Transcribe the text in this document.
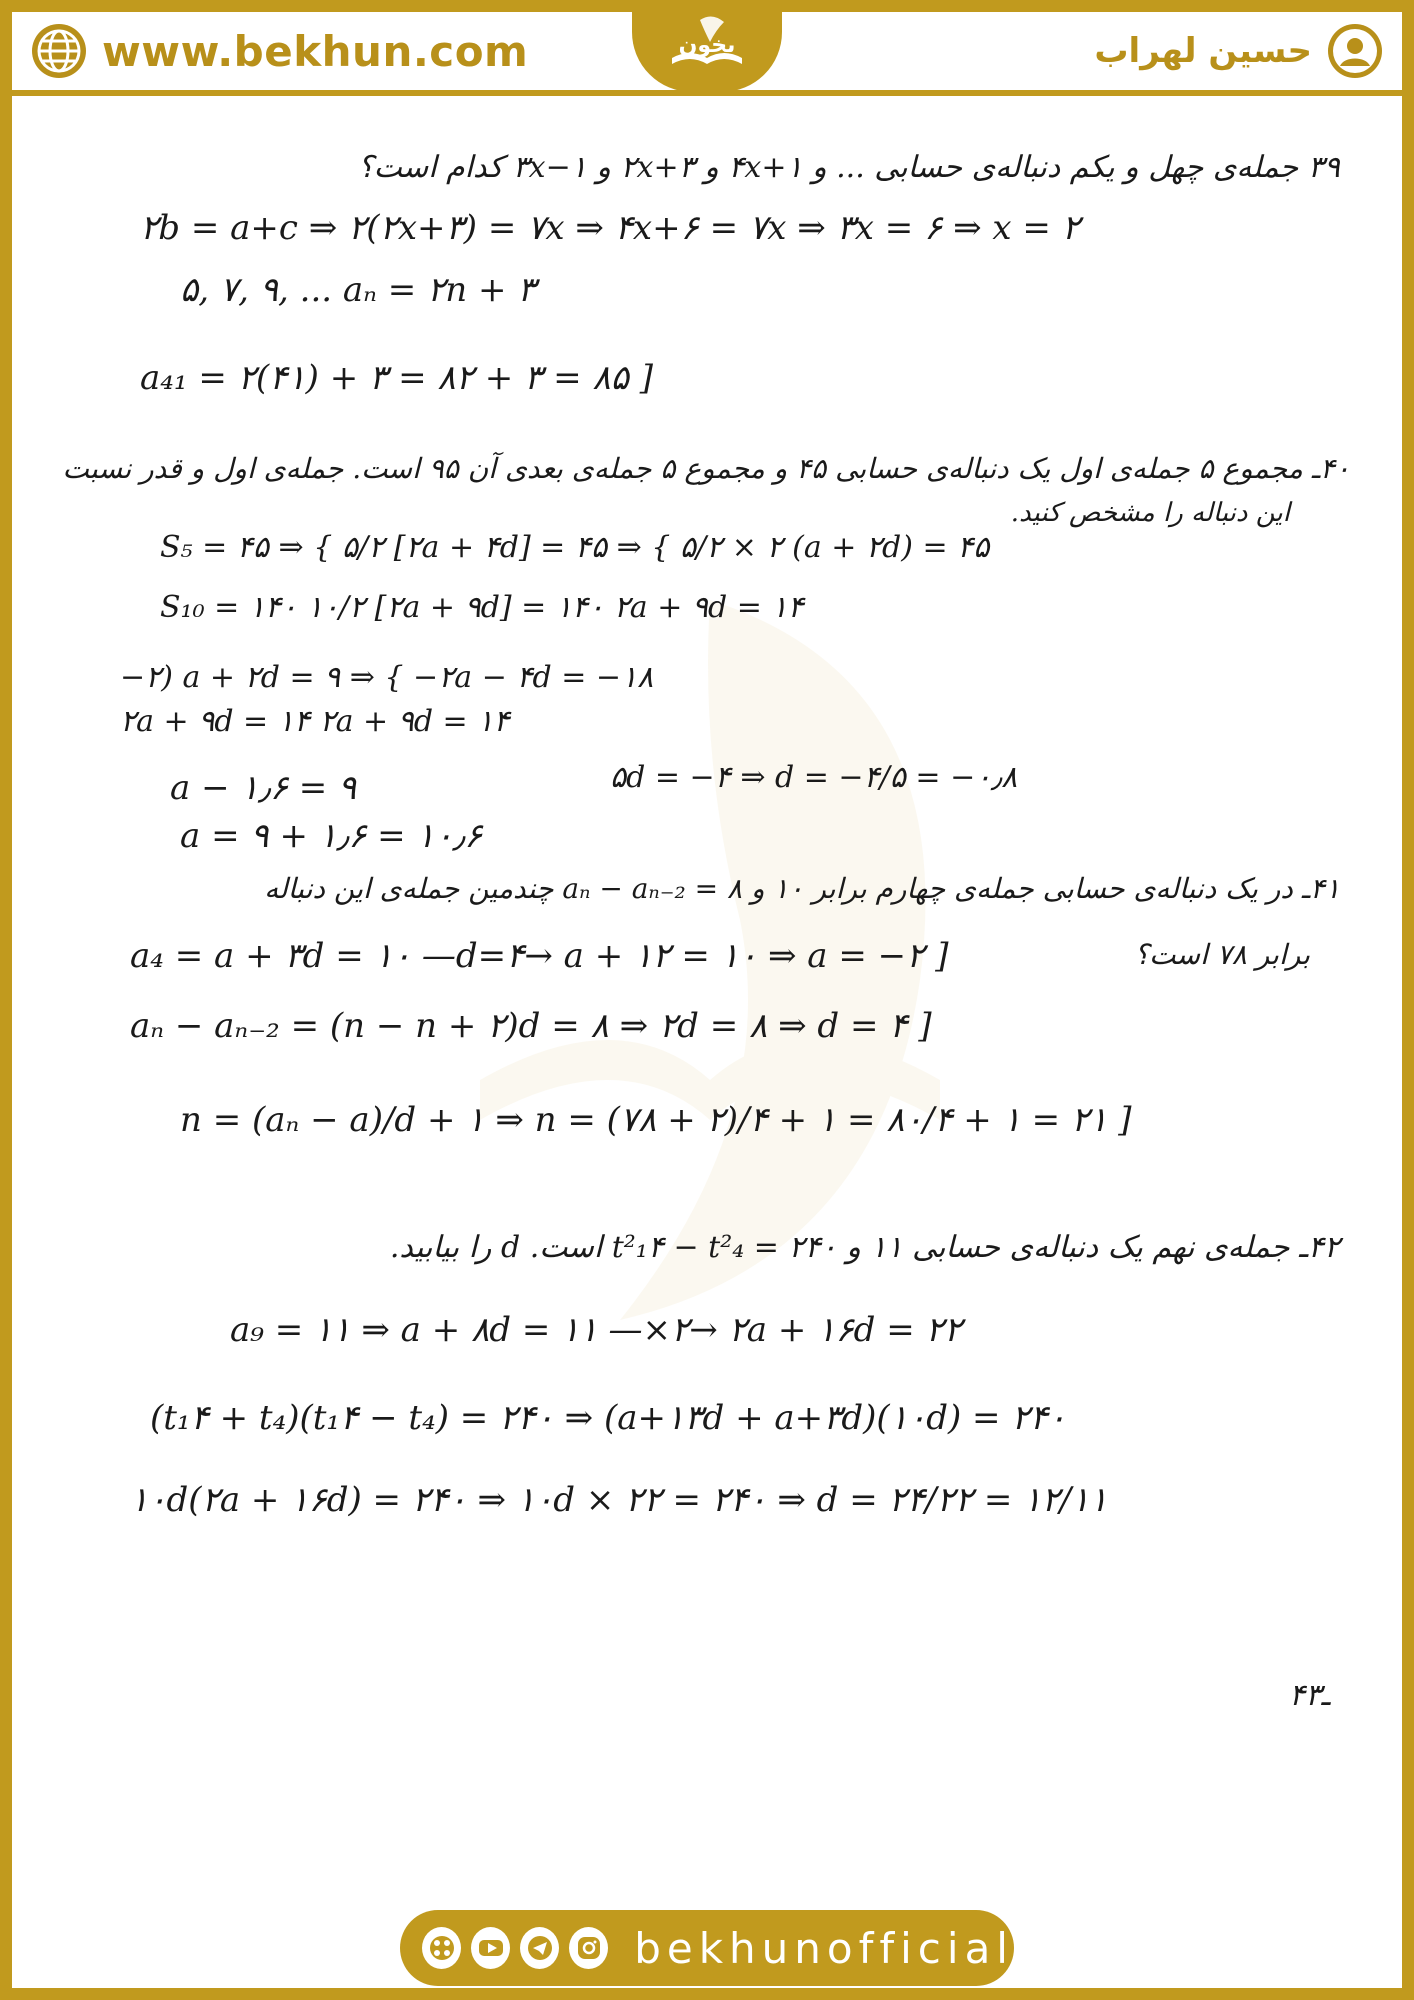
www.bekhun.com	حسین لهراب
بخون
۳۹ جمله‌ی چهل و یکم دنباله‌ی حسابی ... و ۴x+۱ و ۲x+۳ و ۳x−۱ کدام است؟
۲b = a+c ⇒ ۲(۲x+۳) = ۷x ⇒ ۴x+۶ = ۷x ⇒ ۳x = ۶ ⇒ x = ۲
۵, ۷, ۹, ... aₙ = ۲n + ۳
a₄₁ = ۲(۴۱) + ۳ = ۸۲ + ۳ = ۸۵ ]
۴۰ـ مجموع ۵ جمله‌ی اول یک دنباله‌ی حسابی ۴۵ و مجموع ۵ جمله‌ی بعدی آن ۹۵ است. جمله‌ی اول و قدر نسبت
این دنباله را مشخص کنید.
S₅ = ۴۵ ⇒ { ۵/۲ [۲a + ۴d] = ۴۵ ⇒ { ۵/۲ × ۲ (a + ۲d) = ۴۵
S₁₀ = ۱۴۰ ۱۰/۲ [۲a + ۹d] = ۱۴۰ ۲a + ۹d = ۱۴
−۲) a + ۲d = ۹ ⇒ { −۲a − ۴d = −۱۸
۲a + ۹d = ۱۴ ۲a + ۹d = ۱۴
۵d = −۴ ⇒ d = −۴/۵ = −۰٫۸
a − ۱٫۶ = ۹
a = ۹ + ۱٫۶ = ۱۰٫۶
۴۱ـ در یک دنباله‌ی حسابی جمله‌ی چهارم برابر ۱۰ و aₙ − aₙ₋₂ = ۸ چندمین جمله‌ی این دنباله
برابر ۷۸ است؟
a₄ = a + ۳d = ۱۰ —d=۴→ a + ۱۲ = ۱۰ ⇒ a = −۲ ]
aₙ − aₙ₋₂ = (n − n + ۲)d = ۸ ⇒ ۲d = ۸ ⇒ d = ۴ ]
n = (aₙ − a)/d + ۱ ⇒ n = (۷۸ + ۲)/۴ + ۱ = ۸۰/۴ + ۱ = ۲۱ ]
۴۲ـ جمله‌ی نهم یک دنباله‌ی حسابی ۱۱ و t²₁۴ − t²₄ = ۲۴۰ است. d را بیابید.
a₉ = ۱۱ ⇒ a + ۸d = ۱۱ —×۲→ ۲a + ۱۶d = ۲۲
(t₁۴ + t₄)(t₁۴ − t₄) = ۲۴۰ ⇒ (a+۱۳d + a+۳d)(۱۰d) = ۲۴۰
۱۰d(۲a + ۱۶d) = ۲۴۰ ⇒ ۱۰d × ۲۲ = ۲۴۰ ⇒ d = ۲۴/۲۲ = ۱۲/۱۱
ـ۴۳
bekhunofficial
